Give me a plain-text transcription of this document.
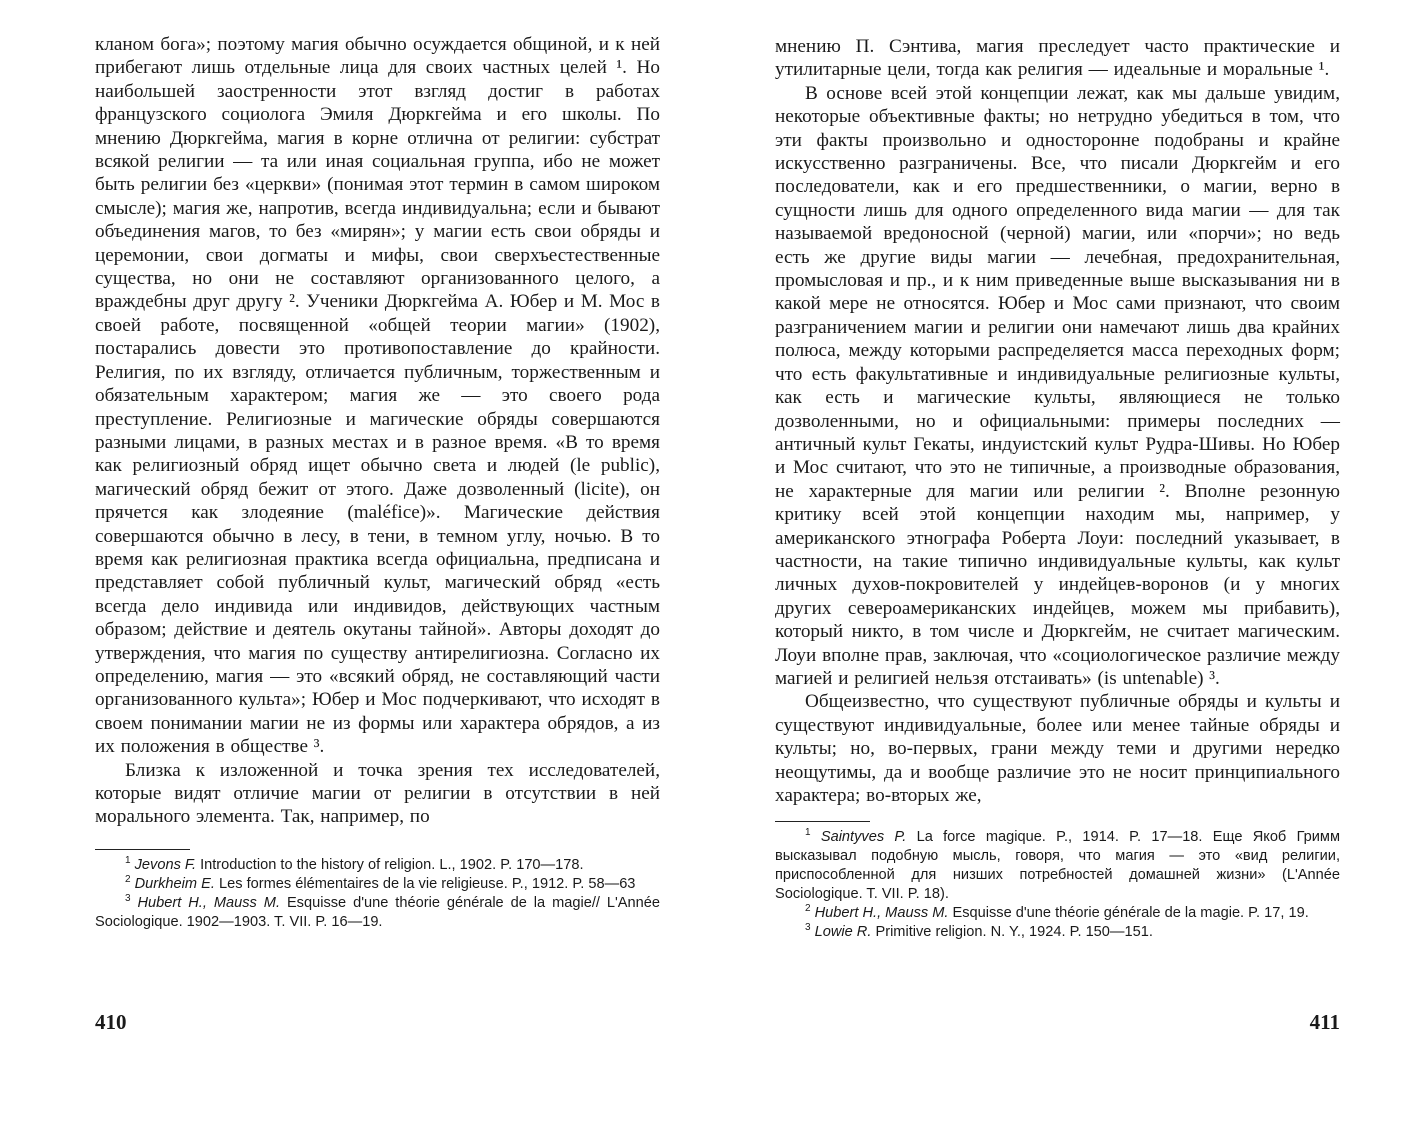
кланом бога»; поэтому магия обычно осуждается общиной, и к ней прибегают лишь отдельные лица для своих частных целей ¹. Но наибольшей заостренности этот взгляд достиг в работах французского социолога Эмиля Дюркгейма и его школы. По мнению Дюркгейма, магия в корне отлична от религии: субстрат всякой религии — та или иная социальная группа, ибо не может быть религии без «церкви» (понимая этот термин в самом широком смысле); магия же, напротив, всегда индивидуальна; если и бывают объединения магов, то без «мирян»; у магии есть свои обряды и церемонии, свои догматы и мифы, свои сверхъестественные существа, но они не составляют организованного целого, а враждебны друг другу ². Ученики Дюркгейма А. Юбер и М. Мос в своей работе, посвященной «общей теории магии» (1902), постарались довести это противопоставление до крайности. Религия, по их взгляду, отличается публичным, торжественным и обязательным характером; магия же — это своего рода преступление. Религиозные и магические обряды совершаются разными лицами, в разных местах и в разное время. «В то время как религиозный обряд ищет обычно света и людей (le public), магический обряд бежит от этого. Даже дозволенный (licite), он прячется как злодеяние (maléfice)». Магические действия совершаются обычно в лесу, в тени, в темном углу, ночью. В то время как религиозная практика всегда официальна, предписана и представляет собой публичный культ, магический обряд «есть всегда дело индивида или индивидов, действующих частным образом; действие и деятель окутаны тайной». Авторы доходят до утверждения, что магия по существу антирелигиозна. Согласно их определению, магия — это «всякий обряд, не составляющий части организованного культа»; Юбер и Мос подчеркивают, что исходят в своем понимании магии не из формы или характера обрядов, а из их положения в обществе ³.

Близка к изложенной и точка зрения тех исследователей, которые видят отличие магии от религии в отсутствии в ней морального элемента. Так, например, по

$^1$ Jevons F. Introduction to the history of religion. L., 1902. P. 170—178.

$^2$ Durkheim E. Les formes élémentaires de la vie religieuse. P., 1912. P. 58—63

$^3$ Hubert H., Mauss M. Esquisse d'une théorie générale de la magie// L'Année Sociologique. 1902—1903. T. VII. P. 16—19.

410

мнению П. Сэнтива, магия преследует часто практические и утилитарные цели, тогда как религия — идеальные и моральные ¹.

В основе всей этой концепции лежат, как мы дальше увидим, некоторые объективные факты; но нетрудно убедиться в том, что эти факты произвольно и односторонне подобраны и крайне искусственно разграничены. Все, что писали Дюркгейм и его последователи, как и его предшественники, о магии, верно в сущности лишь для одного определенного вида магии — для так называемой вредоносной (черной) магии, или «порчи»; но ведь есть же другие виды магии — лечебная, предохранительная, промысловая и пр., и к ним приведенные выше высказывания ни в какой мере не относятся. Юбер и Мос сами признают, что своим разграничением магии и религии они намечают лишь два крайних полюса, между которыми распределяется масса переходных форм; что есть факультативные и индивидуальные религиозные культы, как есть и магические культы, являющиеся не только дозволенными, но и официальными: примеры последних — античный культ Гекаты, индуистский культ Рудра-Шивы. Но Юбер и Мос считают, что это не типичные, а производные образования, не характерные для магии или религии ². Вполне резонную критику всей этой концепции находим мы, например, у американского этнографа Роберта Лоуи: последний указывает, в частности, на такие типично индивидуальные культы, как культ личных духов-покровителей у индейцев-воронов (и у многих других североамериканских индейцев, можем мы прибавить), который никто, в том числе и Дюркгейм, не считает магическим. Лоуи вполне прав, заключая, что «социологическое различие между магией и религией нельзя отстаивать» (is untenable) ³.

Общеизвестно, что существуют публичные обряды и культы и существуют индивидуальные, более или менее тайные обряды и культы; но, во-первых, грани между теми и другими нередко неощутимы, да и вообще различие это не носит принципиального характера; во-вторых же,

$^1$ Saintyves P. La force magique. P., 1914. P. 17—18. Еще Якоб Гримм высказывал подобную мысль, говоря, что магия — это «вид религии, приспособленной для низших потребностей домашней жизни» (L'Année Sociologique. T. VII. P. 18).

$^2$ Hubert H., Mauss M. Esquisse d'une théorie générale de la magie. P. 17, 19.

$^3$ Lowie R. Primitive religion. N. Y., 1924. P. 150—151.

411
